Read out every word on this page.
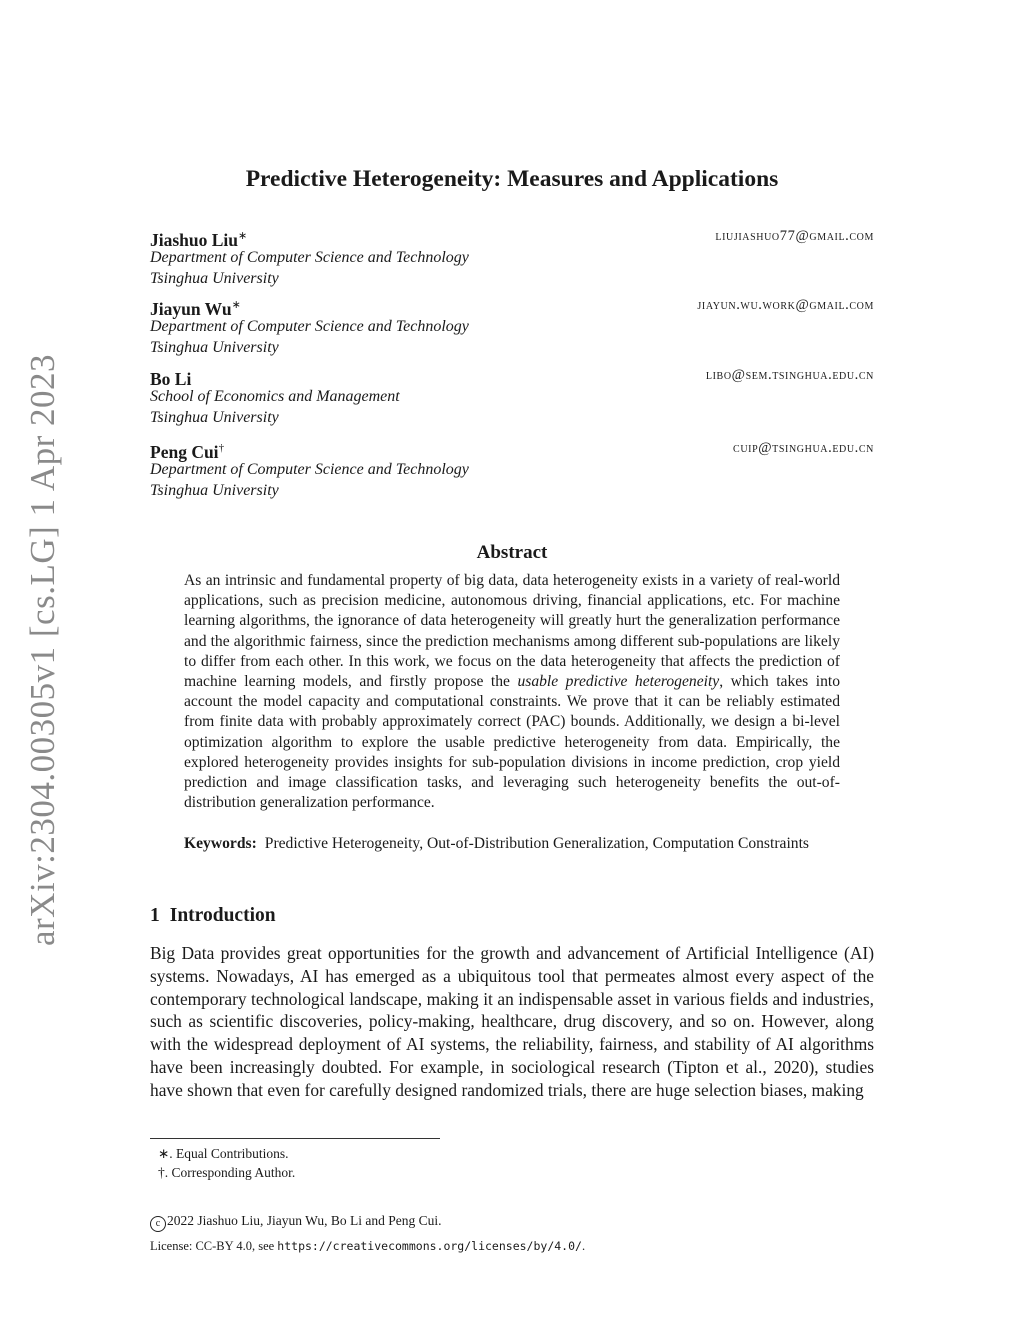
arXiv:2304.00305v1 [cs.LG] 1 Apr 2023
Predictive Heterogeneity: Measures and Applications
Jiashuo Liu∗	liujiashuo77@gmail.com
Department of Computer Science and Technology
Tsinghua University
Jiayun Wu∗	jiayun.wu.work@gmail.com
Department of Computer Science and Technology
Tsinghua University
Bo Li	libo@sem.tsinghua.edu.cn
School of Economics and Management
Tsinghua University
Peng Cui†	cuip@tsinghua.edu.cn
Department of Computer Science and Technology
Tsinghua University
Abstract

As an intrinsic and fundamental property of big data, data heterogeneity exists in a variety of real-world applications, such as precision medicine, autonomous driving, financial applications, etc. For machine learning algorithms, the ignorance of data heterogeneity will greatly hurt the generalization performance and the algorithmic fairness, since the prediction mechanisms among different sub-populations are likely to differ from each other. In this work, we focus on the data heterogeneity that affects the prediction of machine learning models, and firstly propose the usable predictive heterogeneity, which takes into account the model capacity and computational constraints. We prove that it can be reliably estimated from finite data with probably approximately correct (PAC) bounds. Additionally, we design a bi-level optimization algorithm to explore the usable predictive heterogeneity from data. Empirically, the explored heterogeneity provides insights for sub-population divisions in income prediction, crop yield prediction and image classification tasks, and leveraging such heterogeneity benefits the out-of-distribution generalization performance.

Keywords: Predictive Heterogeneity, Out-of-Distribution Generalization, Computation Constraints

1 Introduction

Big Data provides great opportunities for the growth and advancement of Artificial Intelligence (AI) systems. Nowadays, AI has emerged as a ubiquitous tool that permeates almost every aspect of the contemporary technological landscape, making it an indispensable asset in various fields and industries, such as scientific discoveries, policy-making, healthcare, drug discovery, and so on. However, along with the widespread deployment of AI systems, the reliability, fairness, and stability of AI algorithms have been increasingly doubted. For example, in sociological research (Tipton et al., 2020), studies have shown that even for carefully designed randomized trials, there are huge selection biases, making

∗. Equal Contributions.
†. Corresponding Author.
c 2022 Jiashuo Liu, Jiayun Wu, Bo Li and Peng Cui.
License: CC-BY 4.0, see https://creativecommons.org/licenses/by/4.0/.
